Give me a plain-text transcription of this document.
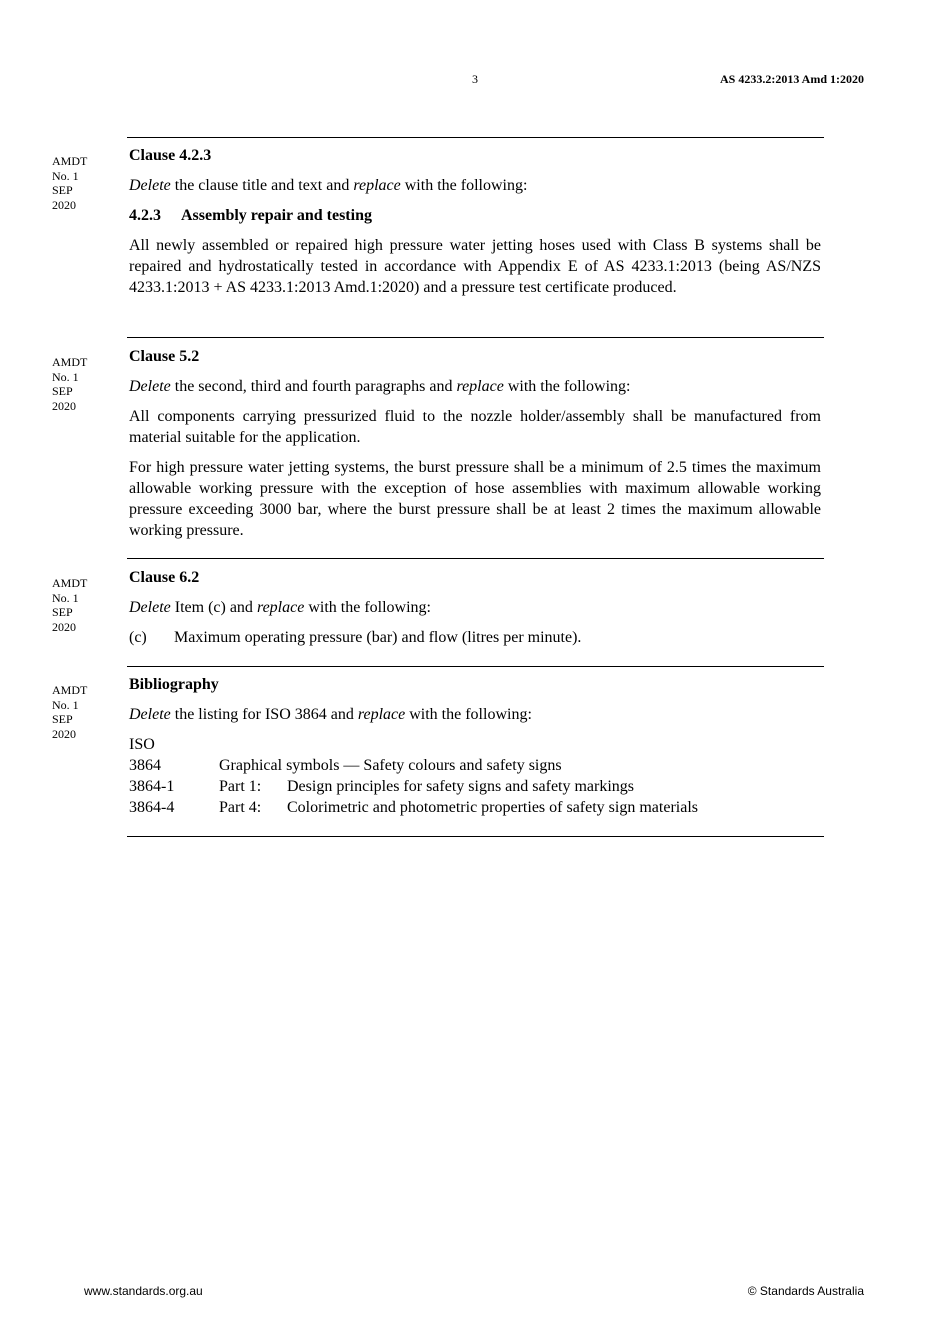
3	AS 4233.2:2013 Amd 1:2020
AMDT
No. 1
SEP
2020

Clause 4.2.3

Delete the clause title and text and replace with the following:

4.2.3 Assembly repair and testing

All newly assembled or repaired high pressure water jetting hoses used with Class B systems shall be repaired and hydrostatically tested in accordance with Appendix E of AS 4233.1:2013 (being AS/NZS 4233.1:2013 + AS 4233.1:2013 Amd.1:2020) and a pressure test certificate produced.

AMDT
No. 1
SEP
2020

Clause 5.2

Delete the second, third and fourth paragraphs and replace with the following:

All components carrying pressurized fluid to the nozzle holder/assembly shall be manufactured from material suitable for the application.

For high pressure water jetting systems, the burst pressure shall be a minimum of 2.5 times the maximum allowable working pressure with the exception of hose assemblies with maximum allowable working pressure exceeding 3000 bar, where the burst pressure shall be at least 2 times the maximum allowable working pressure.

AMDT
No. 1
SEP
2020

Clause 6.2

Delete Item (c) and replace with the following:

(c) Maximum operating pressure (bar) and flow (litres per minute).

AMDT
No. 1
SEP
2020

Bibliography

Delete the listing for ISO 3864 and replace with the following:

ISO

3864	Graphical symbols — Safety colours and safety signs
3864-1	Part 1: Design principles for safety signs and safety markings
3864-4	Part 4: Colorimetric and photometric properties of safety sign materials
www.standards.org.au	© Standards Australia
